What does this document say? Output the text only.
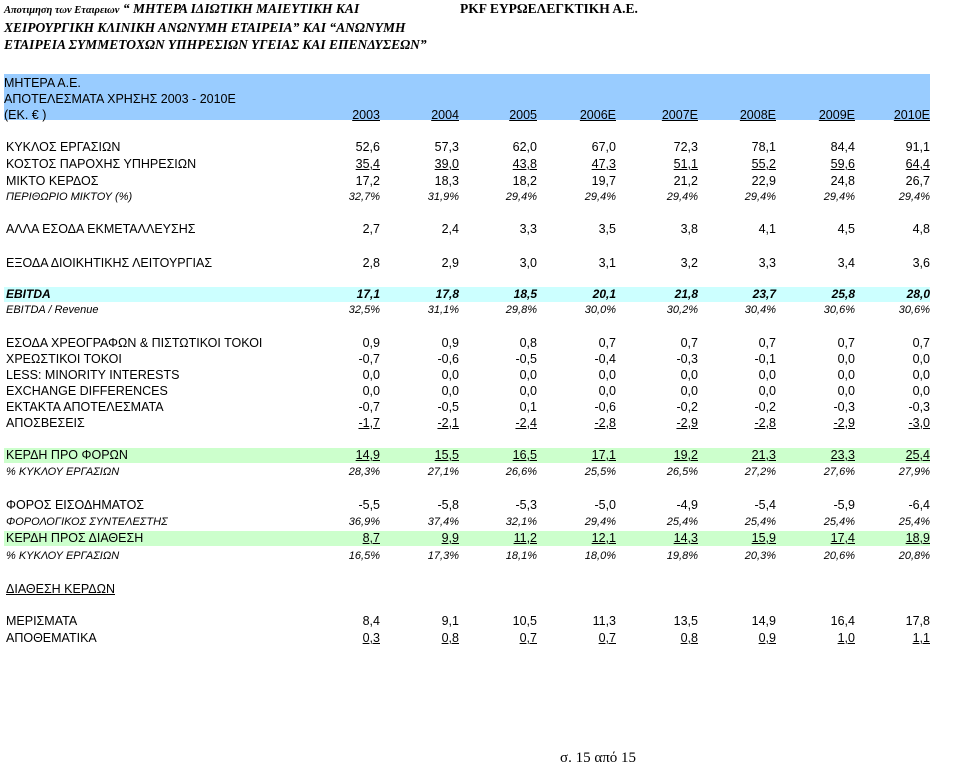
Αποτιμηση των Εταιρειων “ ΜΗΤΕΡΑ ΙΔΙΩΤΙΚΗ ΜΑΙΕΥΤΙΚΗ ΚΑΙ
ΧΕΙΡΟΥΡΓΙΚΗ ΚΛΙΝΙΚΗ ΑΝΩΝΥΜΗ ΕΤΑΙΡΕΙΑ” ΚΑΙ “ΑΝΩΝΥΜΗ
ΕΤΑΙΡΕΙΑ ΣΥΜΜΕΤΟΧΩΝ ΥΠΗΡΕΣΙΩΝ ΥΓΕΙΑΣ ΚΑΙ ΕΠΕΝΔΥΣΕΩΝ”
PKF ΕΥΡΩΕΛΕΓΚΤΙΚΗ Α.Ε.
ΜΗΤΕΡΑ Α.Ε.
ΑΠΟΤΕΛΕΣΜΑΤΑ ΧΡΗΣΗΣ 2003 - 2010Ε
(ΕΚ. € )	2003	2004	2005	2006Ε	2007Ε	2008Ε	2009Ε	2010Ε
ΚΥΚΛΟΣ ΕΡΓΑΣΙΩΝ	52,6	57,3	62,0	67,0	72,3	78,1	84,4	91,1
ΚΟΣΤΟΣ ΠΑΡΟΧΗΣ ΥΠΗΡΕΣΙΩΝ	35,4	39,0	43,8	47,3	51,1	55,2	59,6	64,4
ΜΙΚΤΟ ΚΕΡΔΟΣ	17,2	18,3	18,2	19,7	21,2	22,9	24,8	26,7
ΠΕΡΙΘΩΡΙΟ ΜΙΚΤΟΥ (%)	32,7%	31,9%	29,4%	29,4%	29,4%	29,4%	29,4%	29,4%
ΑΛΛΑ ΕΣΟΔΑ ΕΚΜΕΤΑΛΛΕΥΣΗΣ	2,7	2,4	3,3	3,5	3,8	4,1	4,5	4,8
ΕΞΟΔΑ ΔΙΟΙΚΗΤΙΚΗΣ ΛΕΙΤΟΥΡΓΙΑΣ	2,8	2,9	3,0	3,1	3,2	3,3	3,4	3,6
EBITDA	17,1	17,8	18,5	20,1	21,8	23,7	25,8	28,0
EBITDA / Revenue	32,5%	31,1%	29,8%	30,0%	30,2%	30,4%	30,6%	30,6%
ΕΣΟΔΑ ΧΡΕΟΓΡΑΦΩΝ & ΠΙΣΤΩΤΙΚΟΙ ΤΟΚΟΙ	0,9	0,9	0,8	0,7	0,7	0,7	0,7	0,7
ΧΡΕΩΣΤΙΚΟΙ ΤΟΚΟΙ	-0,7	-0,6	-0,5	-0,4	-0,3	-0,1	0,0	0,0
LESS: MINORITY INTERESTS	0,0	0,0	0,0	0,0	0,0	0,0	0,0	0,0
EXCHANGE DIFFERENCES	0,0	0,0	0,0	0,0	0,0	0,0	0,0	0,0
ΕΚΤΑΚΤΑ ΑΠΟΤΕΛΕΣΜΑΤΑ	-0,7	-0,5	0,1	-0,6	-0,2	-0,2	-0,3	-0,3
ΑΠΟΣΒΕΣΕΙΣ	-1,7	-2,1	-2,4	-2,8	-2,9	-2,8	-2,9	-3,0
ΚΕΡΔΗ ΠΡΟ ΦΟΡΩΝ	14,9	15,5	16,5	17,1	19,2	21,3	23,3	25,4
% ΚΥΚΛΟΥ ΕΡΓΑΣΙΩΝ	28,3%	27,1%	26,6%	25,5%	26,5%	27,2%	27,6%	27,9%
ΦΟΡΟΣ ΕΙΣΟΔΗΜΑΤΟΣ	-5,5	-5,8	-5,3	-5,0	-4,9	-5,4	-5,9	-6,4
ΦΟΡΟΛΟΓΙΚΟΣ ΣΥΝΤΕΛΕΣΤΗΣ	36,9%	37,4%	32,1%	29,4%	25,4%	25,4%	25,4%	25,4%
ΚΕΡΔΗ ΠΡΟΣ ΔΙΑΘΕΣΗ	8,7	9,9	11,2	12,1	14,3	15,9	17,4	18,9
% ΚΥΚΛΟΥ ΕΡΓΑΣΙΩΝ	16,5%	17,3%	18,1%	18,0%	19,8%	20,3%	20,6%	20,8%
ΔΙΑΘΕΣΗ ΚΕΡΔΩΝ
ΜΕΡΙΣΜΑΤΑ	8,4	9,1	10,5	11,3	13,5	14,9	16,4	17,8
ΑΠΟΘΕΜΑΤΙΚΑ	0,3	0,8	0,7	0,7	0,8	0,9	1,0	1,1
σ. 15 από 15
